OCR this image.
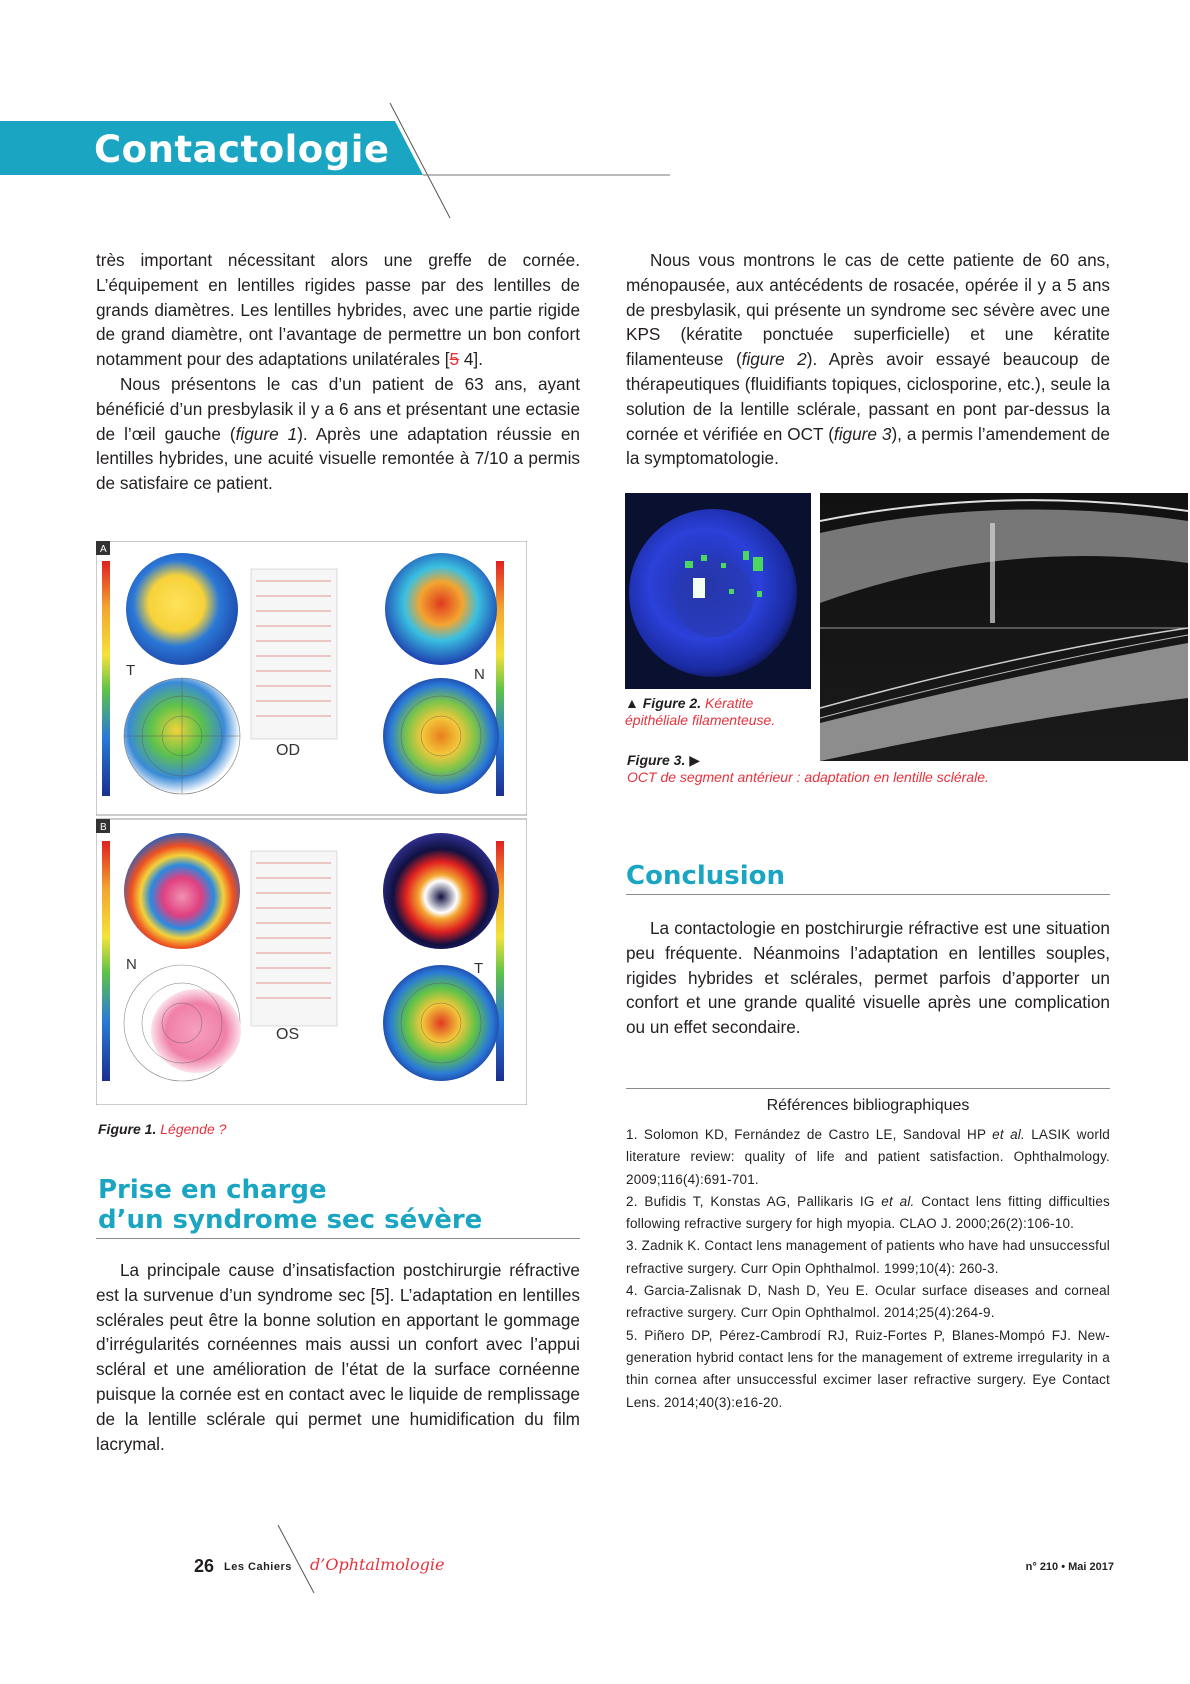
Contactologie

très important nécessitant alors une greffe de cornée. L’équipement en lentilles rigides passe par des lentilles de grands diamètres. Les lentilles hybrides, avec une partie rigide de grand diamètre, ont l’avantage de permettre un bon confort notamment pour des adaptations unilatérales [5 4].

Nous présentons le cas d’un patient de 63 ans, ayant bénéficié d’un presbylasik il y a 6 ans et présentant une ectasie de l’œil gauche (figure 1). Après une adaptation réussie en lentilles hybrides, une acuité visuelle remontée à 7/10 a permis de satisfaire ce patient.

Nous vous montrons le cas de cette patiente de 60 ans, ménopausée, aux antécédents de rosacée, opérée il y a 5 ans de presbylasik, qui présente un syndrome sec sévère avec une KPS (kératite ponctuée superficielle) et une kératite filamenteuse (figure 2). Après avoir essayé beaucoup de thérapeutiques (fluidifiants topiques, ciclosporine, etc.), seule la solution de la lentille sclérale, passant en pont par-dessus la cornée et vérifiée en OCT (figure 3), a permis l’amendement de la symptomatologie.

A
T	N
OD
B
N	T
OS
Figure 1. Légende ?
▲ Figure 2. Kératite épithéliale filamenteuse.
Figure 3. ▶
OCT de segment antérieur : adaptation en lentille sclérale.
Conclusion

La contactologie en postchirurgie réfractive est une situation peu fréquente. Néanmoins l’adaptation en lentilles souples, rigides hybrides et sclérales, permet parfois d’apporter un confort et une grande qualité visuelle après une complication ou un effet secondaire.

Prise en charge
d’un syndrome sec sévère

La principale cause d’insatisfaction postchirurgie réfractive est la survenue d’un syndrome sec [5]. L’adaptation en lentilles sclérales peut être la bonne solution en apportant le gommage d’irrégularités cornéennes mais aussi un confort avec l’appui scléral et une amélioration de l’état de la surface cornéenne puisque la cornée est en contact avec le liquide de remplissage de la lentille sclérale qui permet une humidification du film lacrymal.

Références bibliographiques

1. Solomon KD, Fernández de Castro LE, Sandoval HP et al. LASIK world literature review: quality of life and patient satisfaction. Ophthalmology. 2009;116(4):691-701.

2. Bufidis T, Konstas AG, Pallikaris IG et al. Contact lens fitting difficulties following refractive surgery for high myopia. CLAO J. 2000;26(2):106-10.

3. Zadnik K. Contact lens management of patients who have had unsuccessful refractive surgery. Curr Opin Ophthalmol. 1999;10(4): 260-3.

4. Garcia-Zalisnak D, Nash D, Yeu E. Ocular surface diseases and corneal refractive surgery. Curr Opin Ophthalmol. 2014;25(4):264-9.

5. Piñero DP, Pérez-Cambrodí RJ, Ruiz-Fortes P, Blanes-Mompó FJ. New-generation hybrid contact lens for the management of extreme irregularity in a thin cornea after unsuccessful excimer laser refractive surgery. Eye Contact Lens. 2014;40(3):e16-20.

26 Les Cahiers d’Ophtalmologie	n° 210 • Mai 2017
